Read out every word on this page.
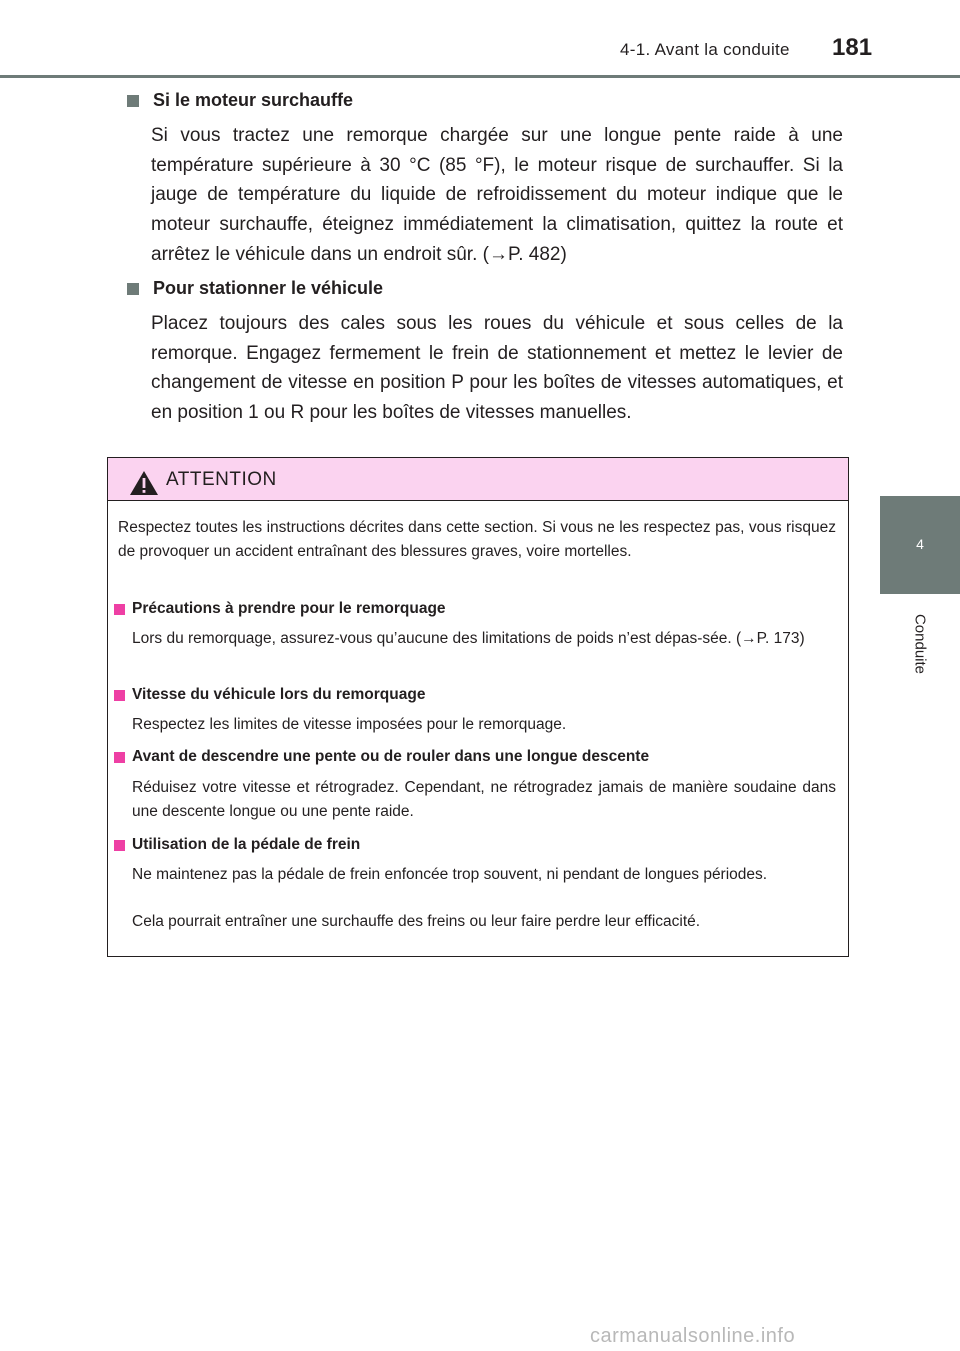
4-1. Avant la conduite 181
4
Conduite
Si le moteur surchauffe

Si vous tractez une remorque chargée sur une longue pente raide à une température supérieure à 30 °C (85 °F), le moteur risque de surchauffer. Si la jauge de température du liquide de refroidissement du moteur indique que le moteur surchauffe, éteignez immédiatement la climatisation, quittez la route et arrêtez le véhicule dans un endroit sûr. (→P. 482)

Pour stationner le véhicule

Placez toujours des cales sous les roues du véhicule et sous celles de la remorque. Engagez fermement le frein de stationnement et mettez le levier de changement de vitesse en position P pour les boîtes de vitesses automatiques, et en position 1 ou R pour les boîtes de vitesses manuelles.

ATTENTION

Respectez toutes les instructions décrites dans cette section. Si vous ne les respectez pas, vous risquez de provoquer un accident entraînant des blessures graves, voire mortelles.

Précautions à prendre pour le remorquage

Lors du remorquage, assurez-vous qu’aucune des limitations de poids n’est dépas-sée. (→P. 173)

Vitesse du véhicule lors du remorquage

Respectez les limites de vitesse imposées pour le remorquage.

Avant de descendre une pente ou de rouler dans une longue descente

Réduisez votre vitesse et rétrogradez. Cependant, ne rétrogradez jamais de manière soudaine dans une descente longue ou une pente raide.

Utilisation de la pédale de frein

Ne maintenez pas la pédale de frein enfoncée trop souvent, ni pendant de longues périodes.

Cela pourrait entraîner une surchauffe des freins ou leur faire perdre leur efficacité.

carmanualsonline.info
